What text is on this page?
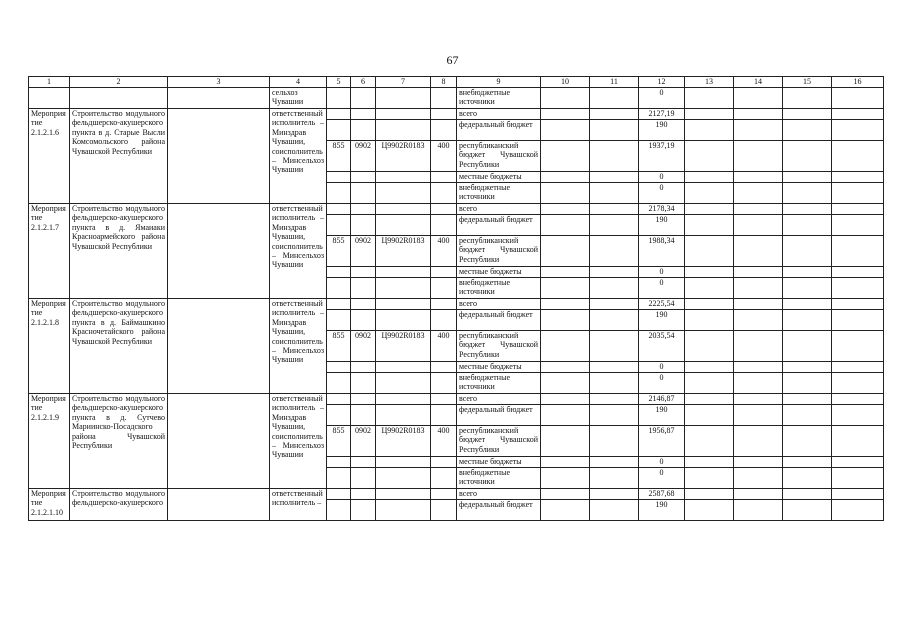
67
1	2	3	4	5	6	7	8	9	10	11	12	13	14	15	16
			сельхоз Чувашии					внебюджетные источники			0				
Мероприятие 2.1.2.1.6	Строительство модульного фельдшерско-акушерского пункта в д. Старые Высли Комсомольского района Чувашской Республики		ответственный исполнитель – Минздрав Чувашии, соисполнитель – Минсельхоз Чувашии					всего			2127,19				
								федеральный бюджет			190				
				855	0902	Ц9902R0183	400	республиканский бюджет Чувашской Республики			1937,19				
								местные бюджеты			0				
								внебюджетные источники			0				
Мероприятие 2.1.2.1.7	Строительство модульного фельдшерско-акушерского пункта в д. Ямаиаки Красноармейского района Чувашской Республики		ответственный исполнитель – Минздрав Чувашии, соисполнитель – Минсельхоз Чувашии					всего			2178,34				
								федеральный бюджет			190				
				855	0902	Ц9902R0183	400	республиканский бюджет Чувашской Республики			1988,34				
								местные бюджеты			0				
								внебюджетные источники			0				
Мероприятие 2.1.2.1.8	Строительство модульного фельдшерско-акушерского пункта в д. Баймашкино Красночетайского района Чувашской Республики		ответственный исполнитель – Минздрав Чувашии, соисполнитель – Минсельхоз Чувашии					всего			2225,54				
								федеральный бюджет			190				
				855	0902	Ц9902R0183	400	республиканский бюджет Чувашской Республики			2035,54				
								местные бюджеты			0				
								внебюджетные источники			0				
Мероприятие 2.1.2.1.9	Строительство модульного фельдшерско-акушерского пункта в д. Сутчево Мариинско-Посадского района Чувашской Республики		ответственный исполнитель – Минздрав Чувашии, соисполнитель – Минсельхоз Чувашии					всего			2146,87				
								федеральный бюджет			190				
				855	0902	Ц9902R0183	400	республиканский бюджет Чувашской Республики			1956,87				
								местные бюджеты			0				
								внебюджетные источники			0				
Мероприятие 2.1.2.1.10	Строительство модульного фельдшерско-акушерского		ответственный исполнитель –					всего			2587,68				
								федеральный бюджет			190				
